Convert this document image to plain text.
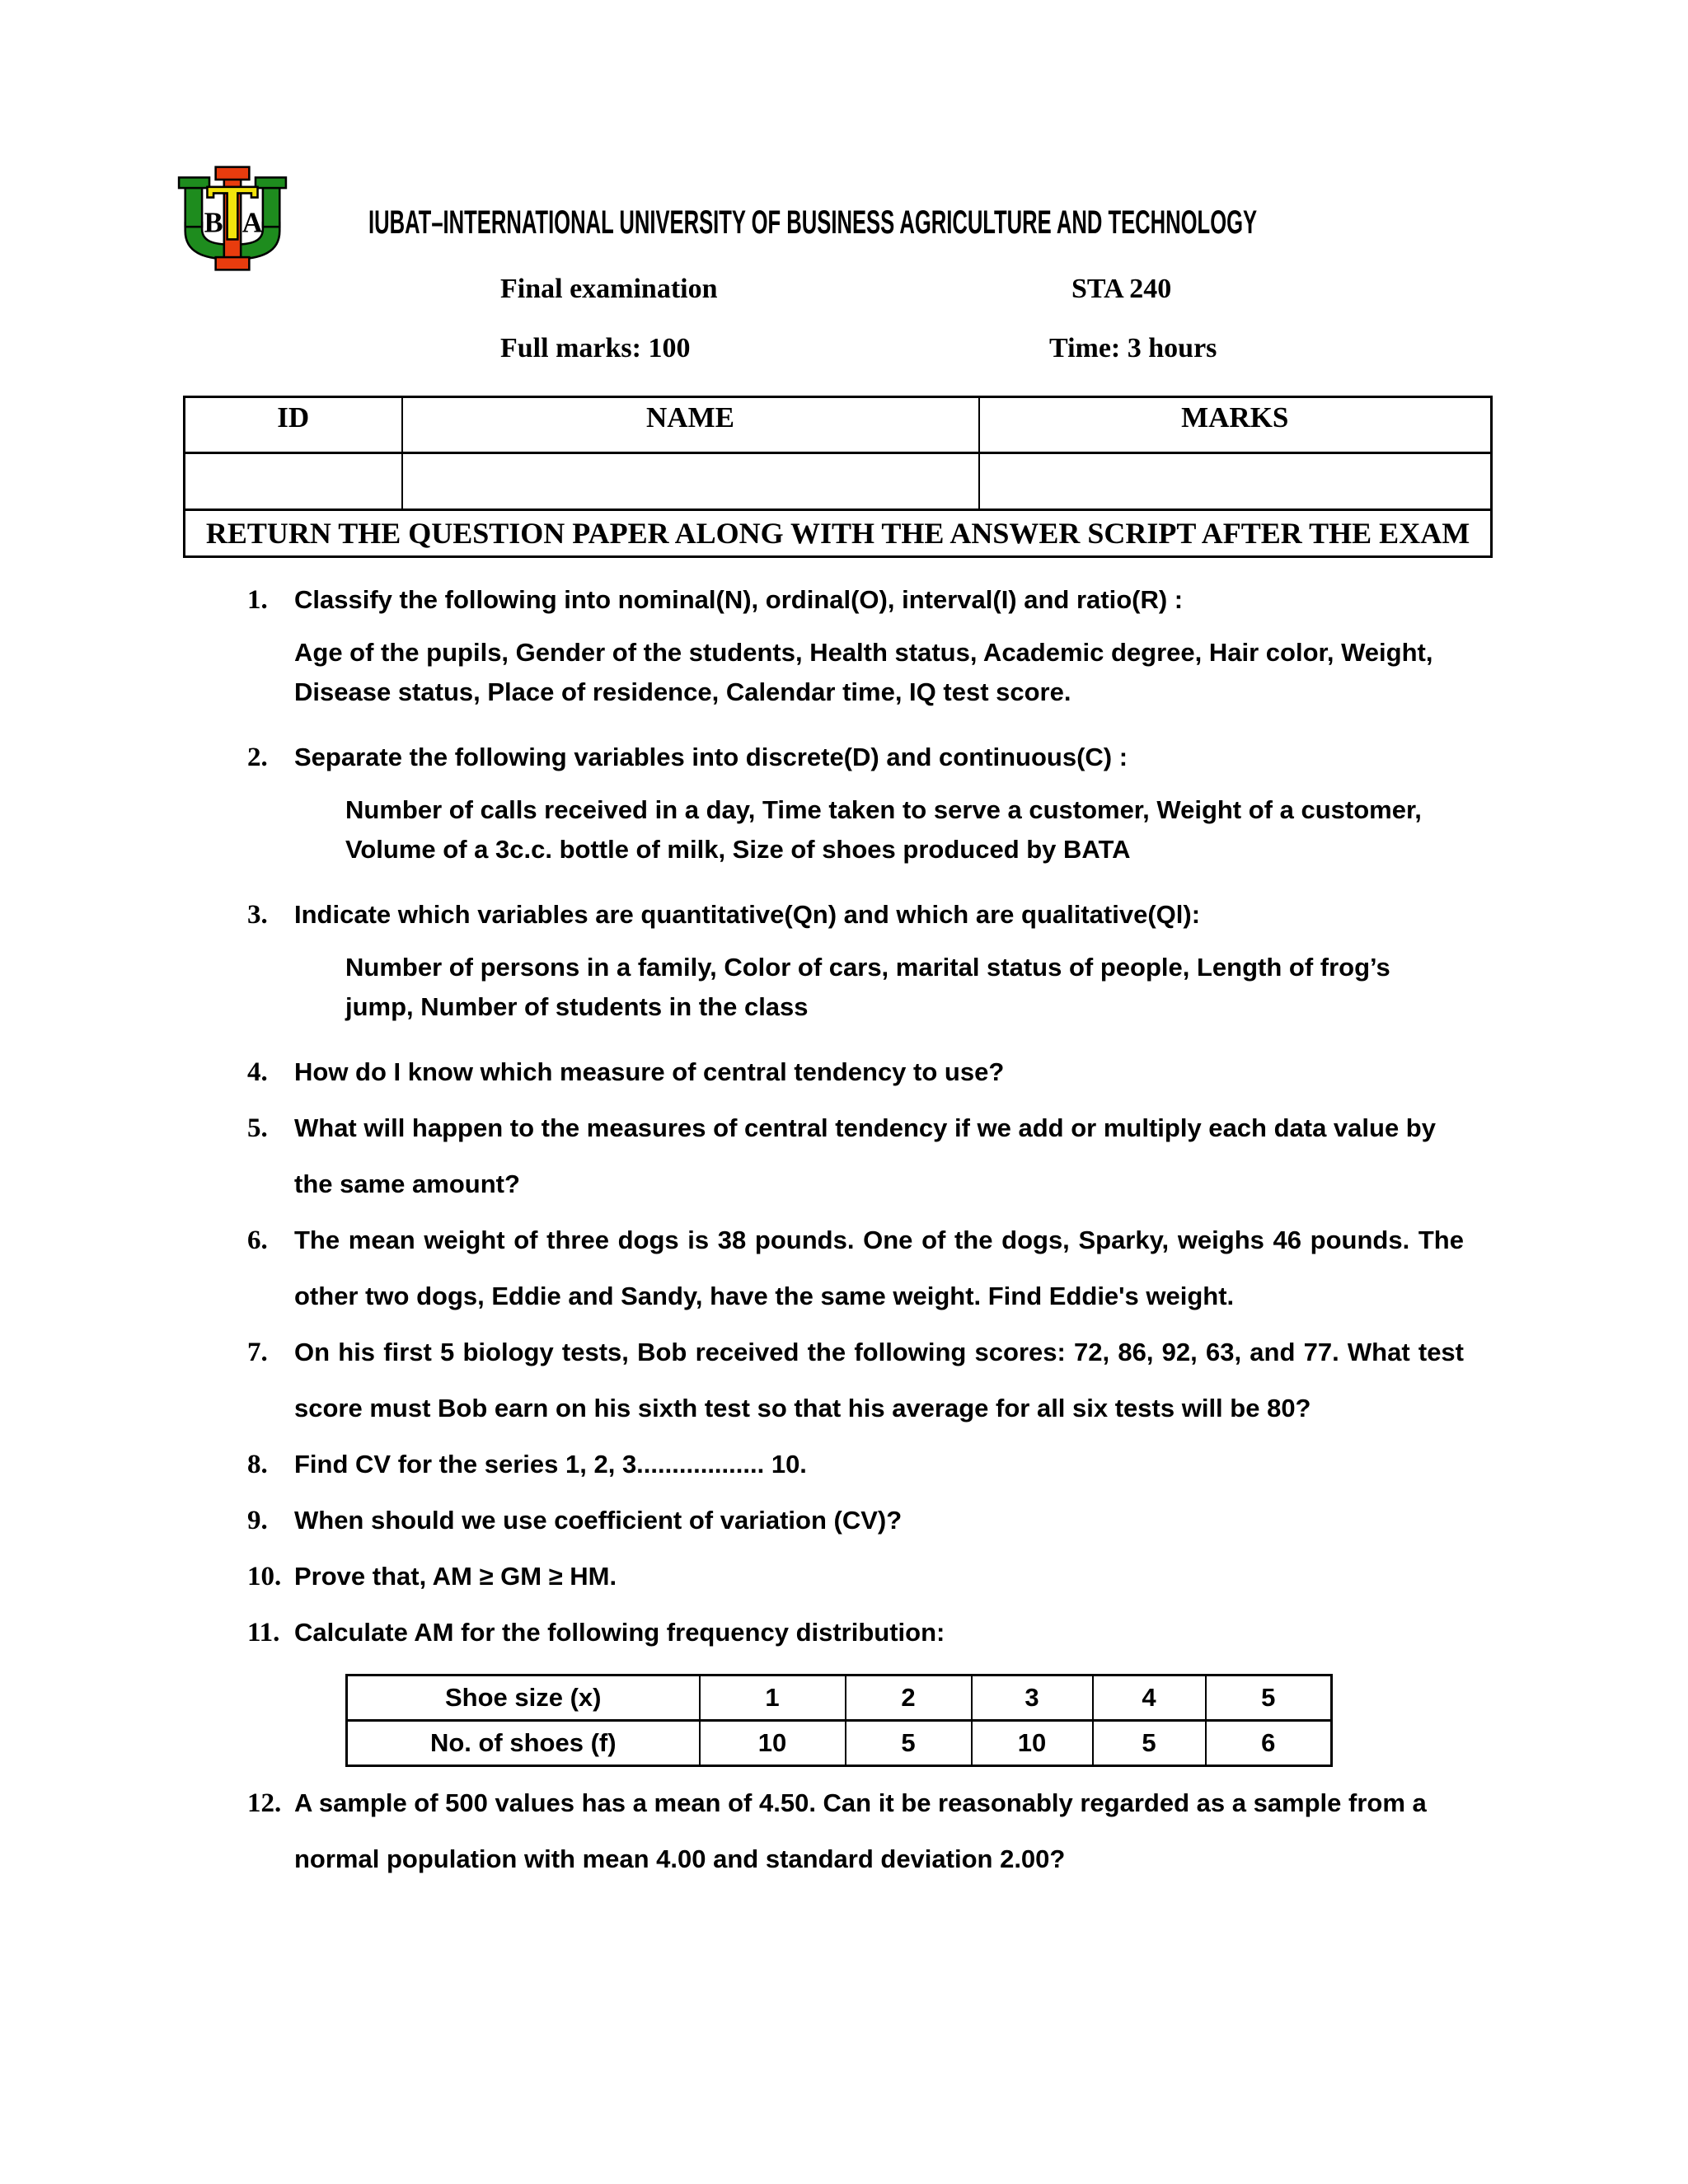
B A	IUBAT–INTERNATIONAL UNIVERSITY OF BUSINESS AGRICULTURE AND TECHNOLOGY
Final examination	STA 240
Full marks: 100	Time: 3 hours
ID	NAME	MARKS

RETURN THE QUESTION PAPER ALONG WITH THE ANSWER SCRIPT AFTER THE EXAM		
1.	Classify the following into nominal(N), ordinal(O), interval(I) and ratio(R) :

Age of the pupils, Gender of the students, Health status, Academic degree, Hair color, Weight, Disease status, Place of residence, Calendar time, IQ test score.

2.	Separate the following variables into discrete(D) and continuous(C) :

Number of calls received in a day, Time taken to serve a customer, Weight of a customer, Volume of a 3c.c. bottle of milk, Size of shoes produced by BATA

3.	Indicate which variables are quantitative(Qn) and which are qualitative(Ql):

Number of persons in a family, Color of cars, marital status of people, Length of frog’s jump, Number of students in the class

4.	How do I know which measure of central tendency to use?

5.	What will happen to the measures of central tendency if we add or multiply each data value by the same amount?

6.	The mean weight of three dogs is 38 pounds. One of the dogs, Sparky, weighs 46 pounds. The other two dogs, Eddie and Sandy, have the same weight. Find Eddie's weight.

7.	On his first 5 biology tests, Bob received the following scores: 72, 86, 92, 63, and 77. What test score must Bob earn on his sixth test so that his average for all six tests will be 80?

8.	Find CV for the series 1, 2, 3.................. 10.

9.	When should we use coefficient of variation (CV)?

10. Prove that, AM ≥ GM ≥ HM.

11. Calculate AM for the following frequency distribution:

Shoe size (x)	1	2	3	4	5
No. of shoes (f)	10	5	10	5	6
12. A sample of 500 values has a mean of 4.50. Can it be reasonably regarded as a sample from a normal population with mean 4.00 and standard deviation 2.00?
